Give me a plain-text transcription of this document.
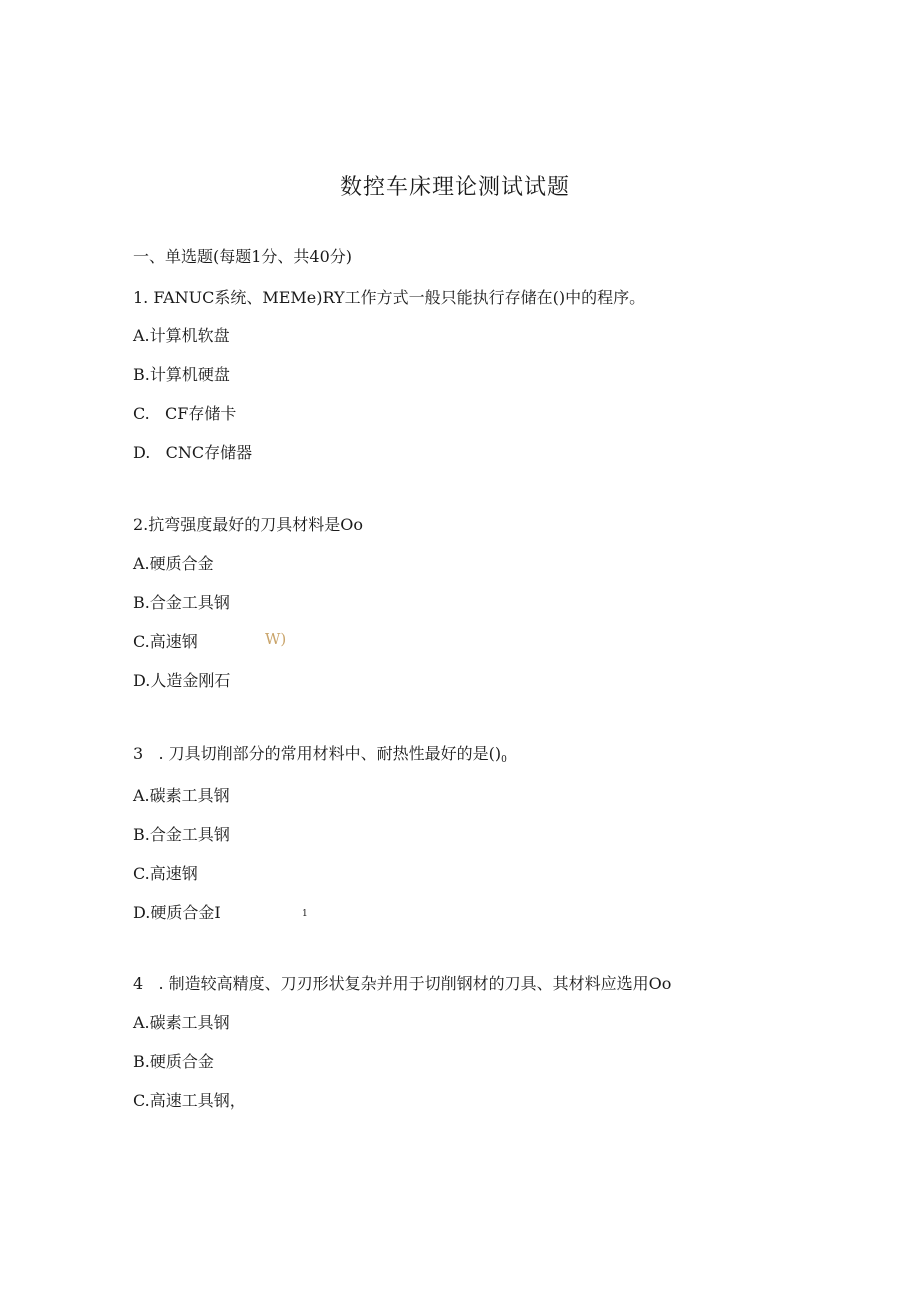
数控车床理论测试试题
一、单选题(每题1分、共40分)
1. FANUC系统、MEMe)RY工作方式一般只能执行存储在()中的程序。
A.计算机软盘
B.计算机硬盘
C.   CF存储卡
D.   CNC存储器
2.抗弯强度最好的刀具材料是Oo
A.硬质合金
B.合金工具钢
C.高速钢	W)
D.人造金刚石
3   . 刀具切削部分的常用材料中、耐热性最好的是$()_0$
A.碳素工具钢
B.合金工具钢
C.高速钢
D.硬质合金I	1
4   . 制造较高精度、刀刃形状复杂并用于切削钢材的刀具、其材料应选用Oo
A.碳素工具钢
B.硬质合金
C.高速工具钢，
